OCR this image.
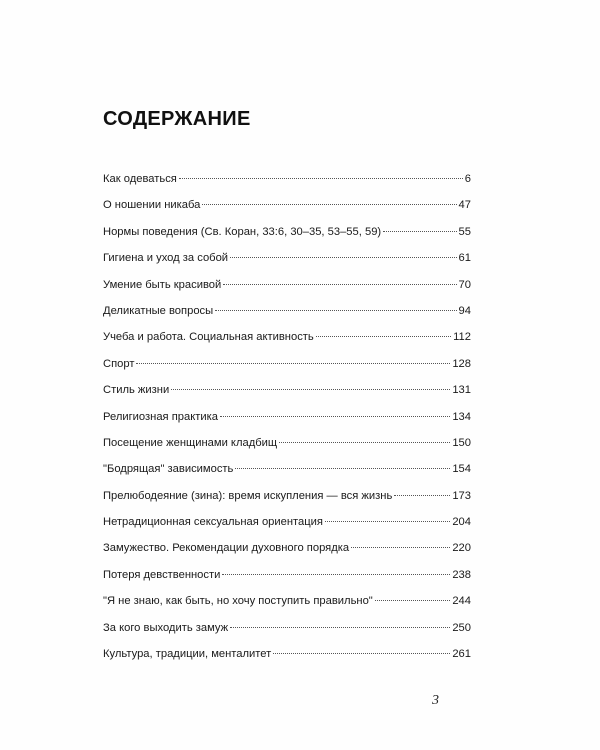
СОДЕРЖАНИЕ
Как одеваться	6
О ношении никаба	47
Нормы поведения (Св. Коран, 33:6, 30–35, 53–55, 59)	55
Гигиена и уход за собой	61
Умение быть красивой	70
Деликатные вопросы	94
Учеба и работа. Социальная активность	112
Спорт	128
Стиль жизни	131
Религиозная практика	134
Посещение женщинами кладбищ	150
"Бодрящая" зависимость	154
Прелюбодеяние (зина): время искупления — вся жизнь	173
Нетрадиционная сексуальная ориентация	204
Замужество. Рекомендации духовного порядка	220
Потеря девственности	238
"Я не знаю, как быть, но хочу поступить правильно"	244
За кого выходить замуж	250
Культура, традиции, менталитет	261
3
